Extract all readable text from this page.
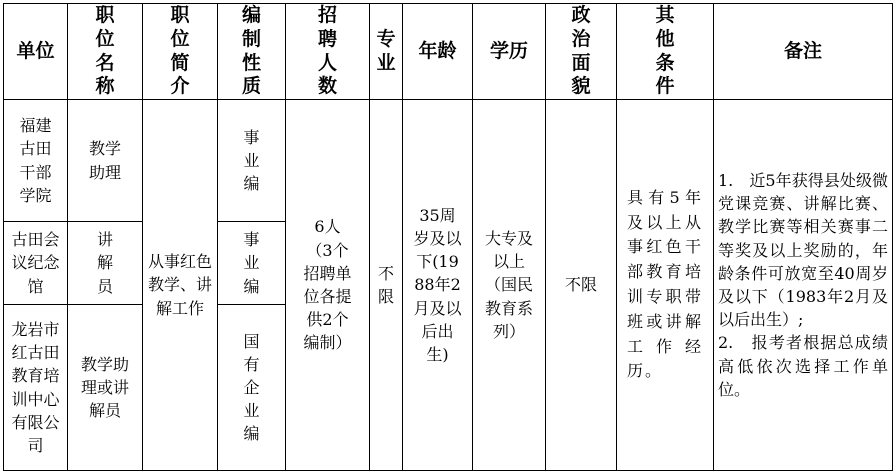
单位	职位名称	职位简介	编制性质	招聘人数	专业	年龄	学历	政治面貌	其他条件	备注

福建古田干部学院	教学助理	从事红色教学、讲解工作	事业编	6人（3个招聘单位各提供2个编制）	不限	35周岁及以下(1988年2月及以后出生)	大专及以上（国民教育系列）	不限	具有5年及以上从事红色干部教育培训专职带班或讲解工作经历。	1.　近5年获得县处级微党课竞赛、讲解比赛、教学比赛等相关赛事二等奖及以上奖励的，年龄条件可放宽至40周岁及以下（1983年2月及以后出生）;

2.　报考者根据总成绩高低依次选择工作单位。

古田会议纪念馆	讲解员		事业编							

龙岩市红古田教育培训中心有限公司	教学助理或讲解员		国有企业编							
